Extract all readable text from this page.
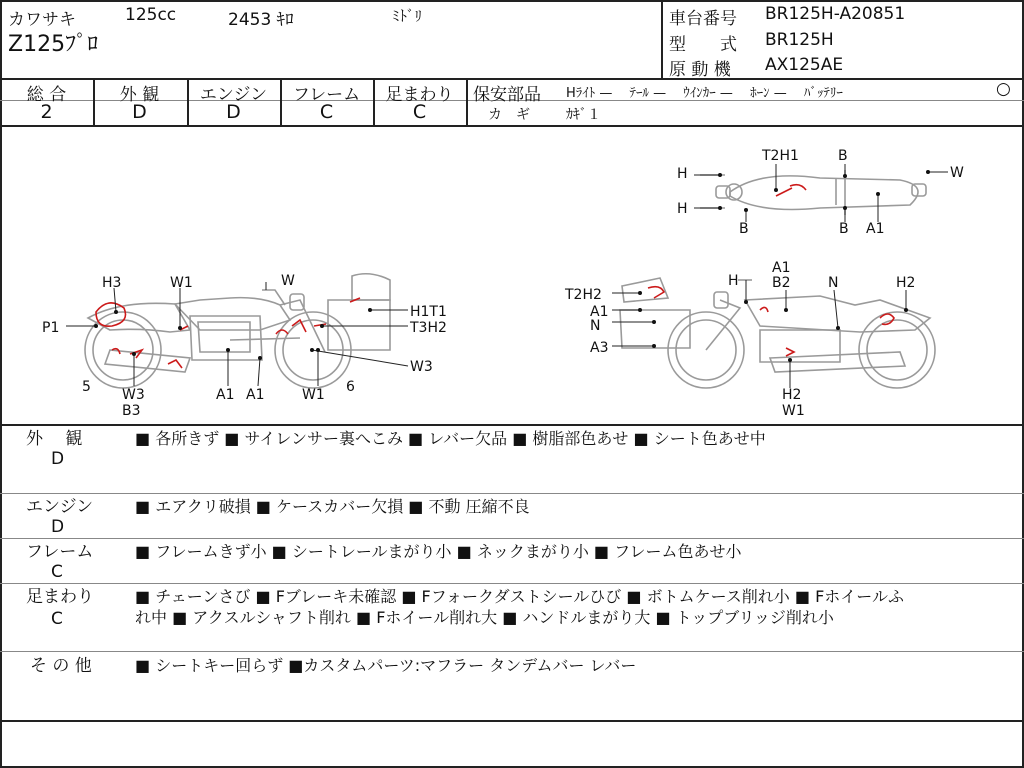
カワサキ	125cc	2453 ｷﾛ	ﾐﾄﾞﾘ
Z125ﾌﾟﾛ
車台番号 BR125H-A20851
型　　式 BR125H
原 動 機 AX125AE
総 合	外 観	エンジン	フレーム	足まわり
2	D	D	C	C
保安部品 Hﾗｲﾄ —　 ﾃｰﾙ —　 ｳｲﾝｶｰ —　 ﾎｰﾝ —　 ﾊﾞｯﾃﾘｰ	○
カ　ギ	ｶｷﾞ１
H3	W1	W
H1T1
P1	T3H2
W3
5	6
W3
B3
A1 A1	W1
T2H2
A1
N
A3
H
A1
B2	N	H2
H2
W1
T2H1	B
H
H
W
B	B A1
外　 観
D
■ 各所きず ■ サイレンサー裏へこみ ■ レバー欠品 ■ 樹脂部色あせ ■ シート色あせ中
エンジン
D
■ エアクリ破損 ■ ケースカバー欠損 ■ 不動 圧縮不良
フレーム
C
■ フレームきず小 ■ シートレールまがり小 ■ ネックまがり小 ■ フレーム色あせ小
足まわり
C
■ チェーンさび ■ Fブレーキ未確認 ■ Fフォークダストシールひび ■ ボトムケース削れ小 ■ Fホイールふ
れ中 ■ アクスルシャフト削れ ■ Fホイール削れ大 ■ ハンドルまがり大 ■ トップブリッジ削れ小
そ の 他	■ シートキー回らず ■カスタムパーツ:マフラー タンデムバー レバー
